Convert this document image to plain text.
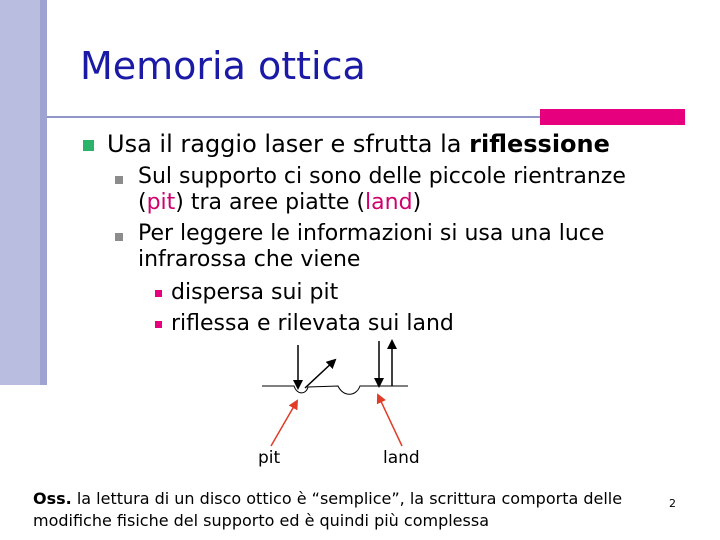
Memoria ottica
Usa il raggio laser e sfrutta la riflessione
Sul supporto ci sono delle piccole rientranze
(pit) tra aree piatte (land)
Per leggere le informazioni si usa una luce
infrarossa che viene
dispersa sui pit
riflessa e rilevata sui land
pit	land
Oss. la lettura di un disco ottico è “semplice”, la scrittura comporta delle modifiche fisiche del supporto ed è quindi più complessa
2
